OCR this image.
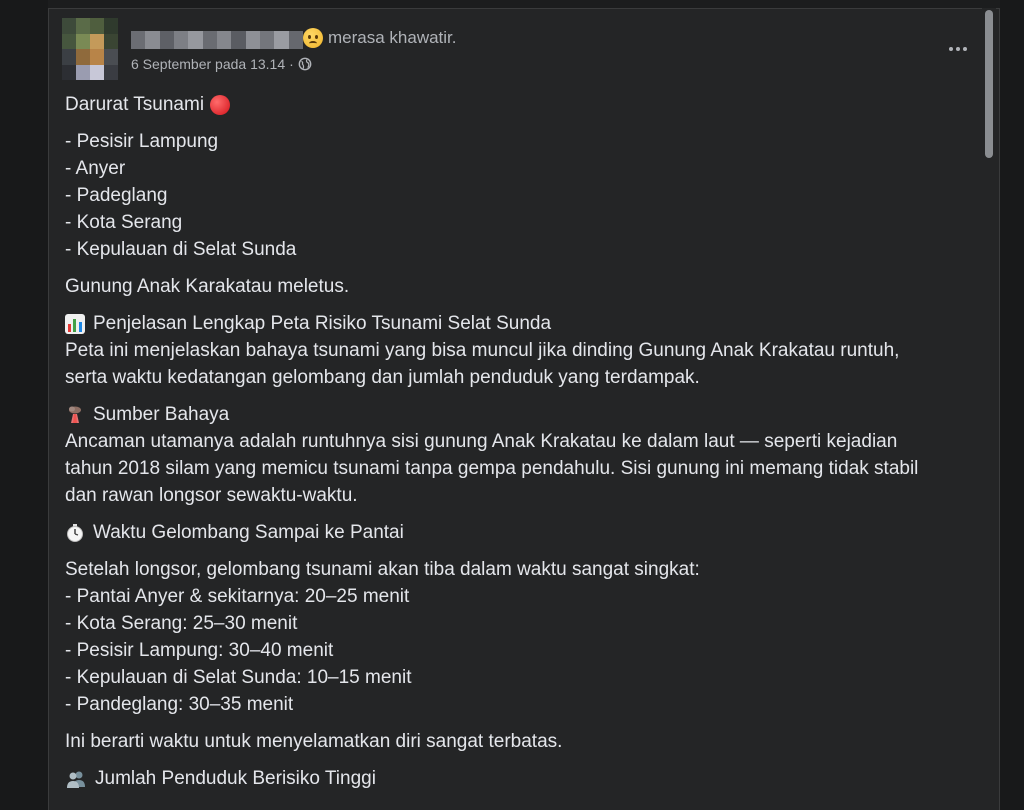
merasa khawatir.
6 September pada 13.14 ·

Darurat Tsunami

- Pesisir Lampung
- Anyer
- Padeglang
- Kota Serang
- Kepulauan di Selat Sunda

Gunung Anak Karakatau meletus.

Penjelasan Lengkap Peta Risiko Tsunami Selat Sunda
Peta ini menjelaskan bahaya tsunami yang bisa muncul jika dinding Gunung Anak Krakatau runtuh,
serta waktu kedatangan gelombang dan jumlah penduduk yang terdampak.

Sumber Bahaya
Ancaman utamanya adalah runtuhnya sisi gunung Anak Krakatau ke dalam laut — seperti kejadian
tahun 2018 silam yang memicu tsunami tanpa gempa pendahulu. Sisi gunung ini memang tidak stabil
dan rawan longsor sewaktu-waktu.

Waktu Gelombang Sampai ke Pantai

Setelah longsor, gelombang tsunami akan tiba dalam waktu sangat singkat:
- Pantai Anyer & sekitarnya: 20–25 menit
- Kota Serang: 25–30 menit
- Pesisir Lampung: 30–40 menit
- Kepulauan di Selat Sunda: 10–15 menit
- Pandeglang: 30–35 menit

Ini berarti waktu untuk menyelamatkan diri sangat terbatas.

Jumlah Penduduk Berisiko Tinggi
